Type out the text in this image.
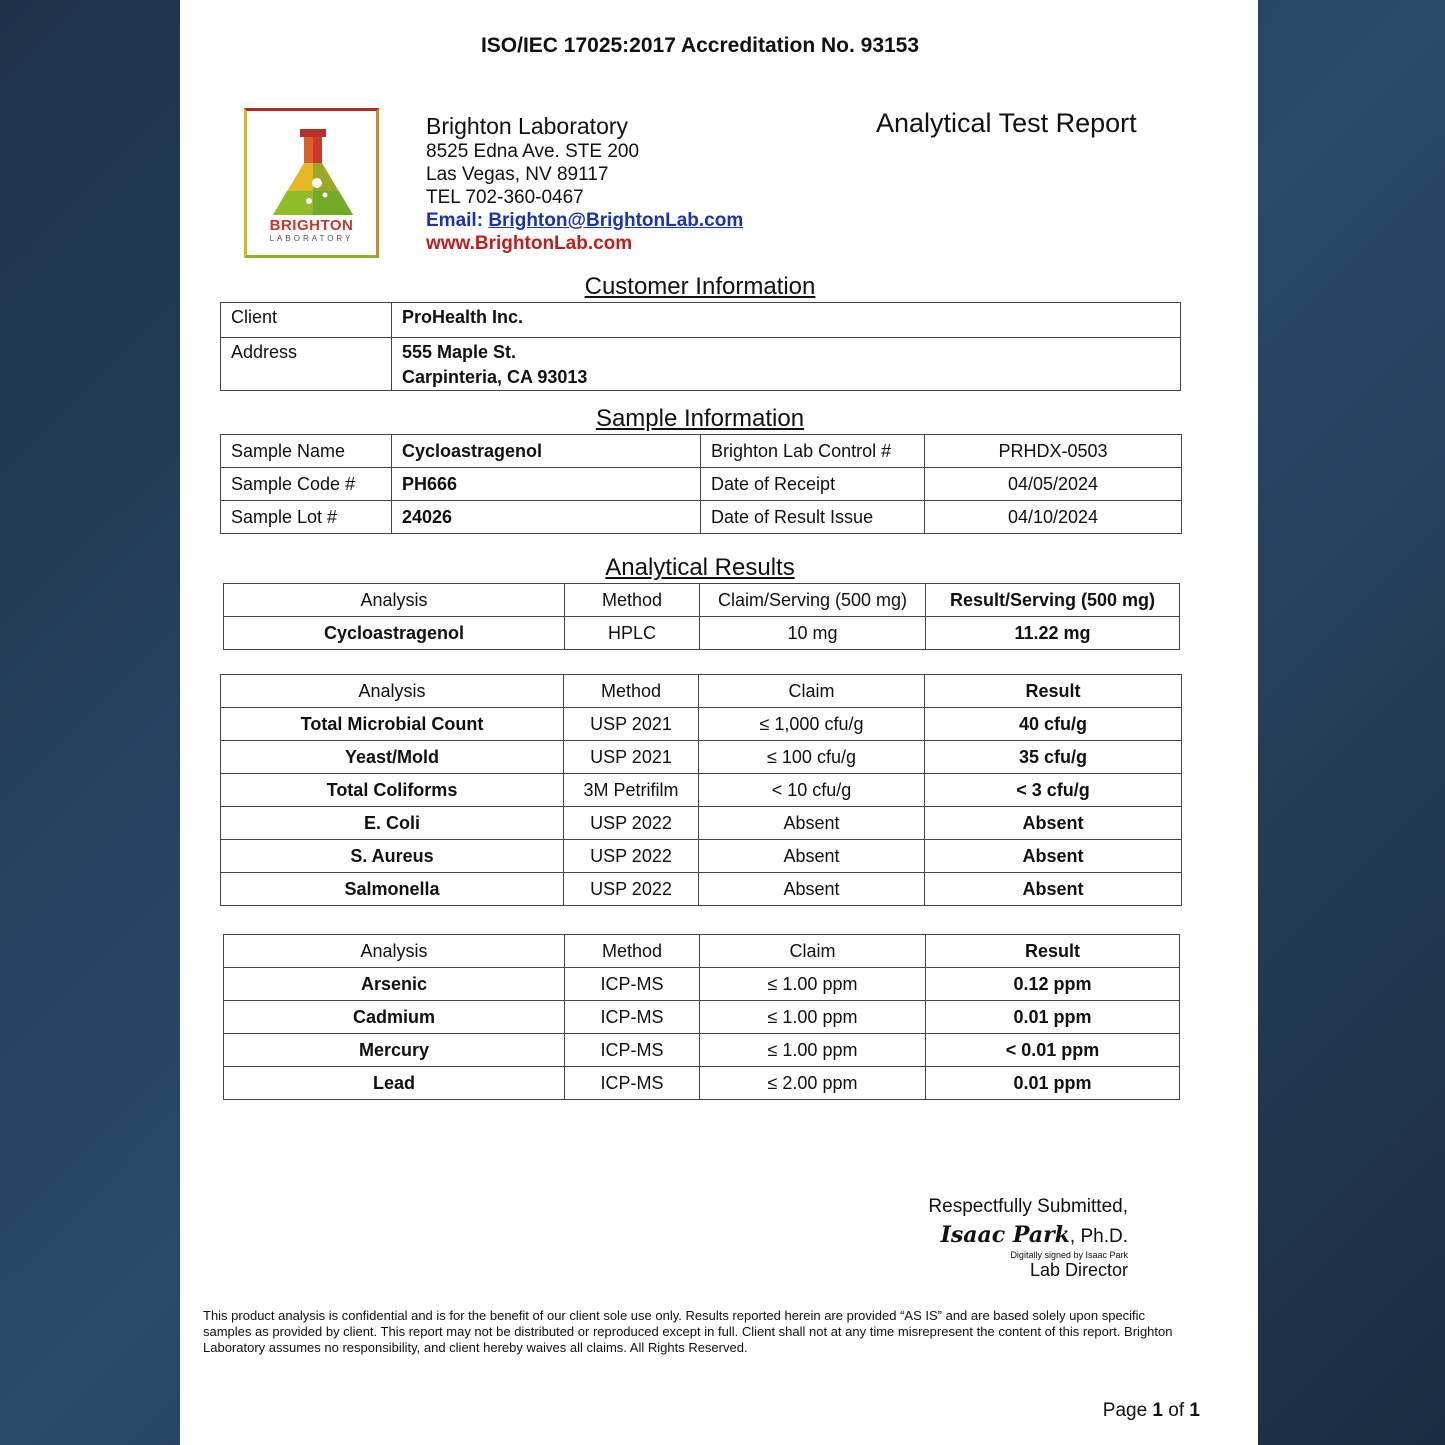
ISO/IEC 17025:2017 Accreditation No. 93153
BRIGHTON
LABORATORY
Brighton Laboratory
8525 Edna Ave. STE 200
Las Vegas, NV 89117
TEL 702-360-0467
Email: Brighton@BrightonLab.com
www.BrightonLab.com
Analytical Test Report
Customer Information
Client	ProHealth Inc.
Address	555 Maple St.
Carpinteria, CA 93013
Sample Information
Sample Name	Cycloastragenol	Brighton Lab Control #	PRHDX-0503
Sample Code #	PH666	Date of Receipt	04/05/2024
Sample Lot #	24026	Date of Result Issue	04/10/2024
Analytical Results
Analysis	Method	Claim/Serving (500 mg)	Result/Serving (500 mg)
Cycloastragenol	HPLC	10 mg	11.22 mg
Analysis	Method	Claim	Result
Total Microbial Count	USP 2021	≤ 1,000 cfu/g	40 cfu/g
Yeast/Mold	USP 2021	≤ 100 cfu/g	35 cfu/g
Total Coliforms	3M Petrifilm	< 10 cfu/g	< 3 cfu/g
E. Coli	USP 2022	Absent	Absent
S. Aureus	USP 2022	Absent	Absent
Salmonella	USP 2022	Absent	Absent
Analysis	Method	Claim	Result
Arsenic	ICP-MS	≤ 1.00 ppm	0.12 ppm
Cadmium	ICP-MS	≤ 1.00 ppm	0.01 ppm
Mercury	ICP-MS	≤ 1.00 ppm	< 0.01 ppm
Lead	ICP-MS	≤ 2.00 ppm	0.01 ppm
Respectfully Submitted,
Isaac Park, Ph.D.
Digitally signed by Isaac Park
Lab Director
This product analysis is confidential and is for the benefit of our client sole use only. Results reported herein are provided “AS IS” and are based solely upon specific samples as provided by client. This report may not be distributed or reproduced except in full. Client shall not at any time misrepresent the content of this report. Brighton Laboratory assumes no responsibility, and client hereby waives all claims. All Rights Reserved.
Page 1 of 1
